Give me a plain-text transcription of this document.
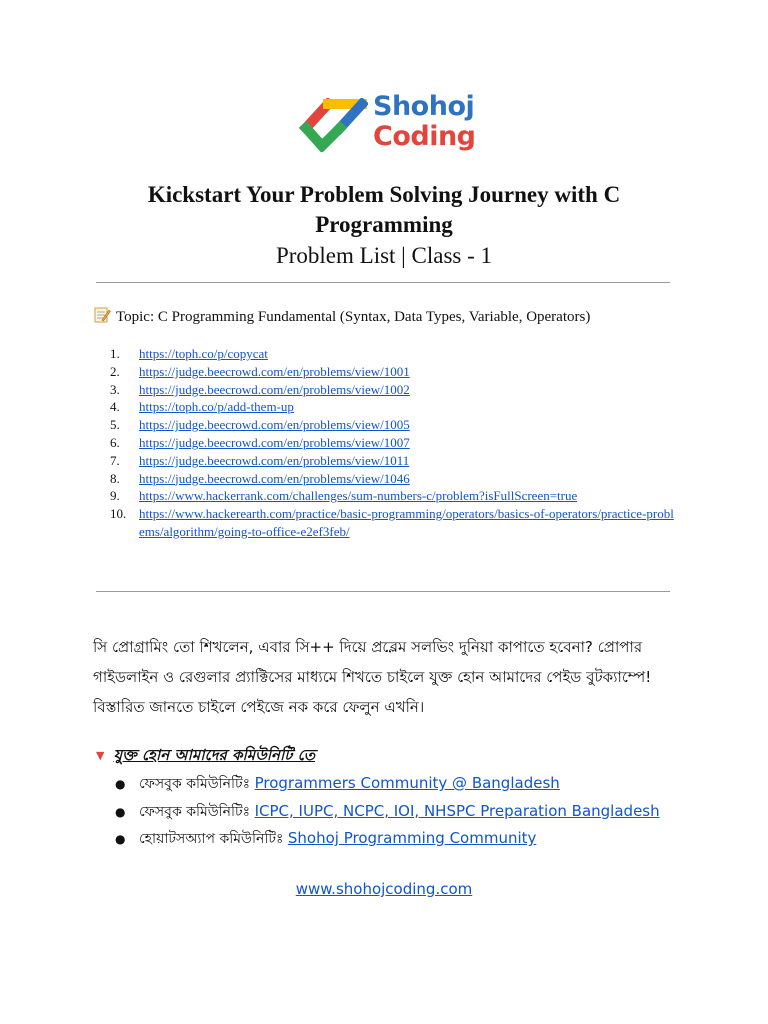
Shohoj
Coding
Kickstart Your Problem Solving Journey with C Programming
Problem List | Class - 1
Topic: C Programming Fundamental (Syntax, Data Types, Variable, Operators)
1.	https://toph.co/p/copycat
2.	https://judge.beecrowd.com/en/problems/view/1001
3.	https://judge.beecrowd.com/en/problems/view/1002
4.	https://toph.co/p/add-them-up
5.	https://judge.beecrowd.com/en/problems/view/1005
6.	https://judge.beecrowd.com/en/problems/view/1007
7.	https://judge.beecrowd.com/en/problems/view/1011
8.	https://judge.beecrowd.com/en/problems/view/1046
9.	https://www.hackerrank.com/challenges/sum-numbers-c/problem?isFullScreen=true
10. https://www.hackerearth.com/practice/basic-programming/operators/basics-of-operators/practice-problems/algorithm/going-to-office-e2ef3feb/

সি প্রোগ্রামিং তো শিখলেন, এবার সি++ দিয়ে প্রব্লেম সলভিং দুনিয়া কাপাতে হবেনা? প্রোপার গাইডলাইন ও রেগুলার প্র্যাক্টিসের মাধ্যমে শিখতে চাইলে যুক্ত হোন আমাদের পেইড বুটক্যাম্পে! বিস্তারিত জানতে চাইলে পেইজে নক করে ফেলুন এখনি।

▼ যুক্ত হোন আমাদের কমিউনিটি তে
● ফেসবুক কমিউনিটিঃ Programmers Community @ Bangladesh
● ফেসবুক কমিউনিটিঃ ICPC, IUPC, NCPC, IOI, NHSPC Preparation Bangladesh
● হোয়াটসঅ্যাপ কমিউনিটিঃ Shohoj Programming Community
www.shohojcoding.com
